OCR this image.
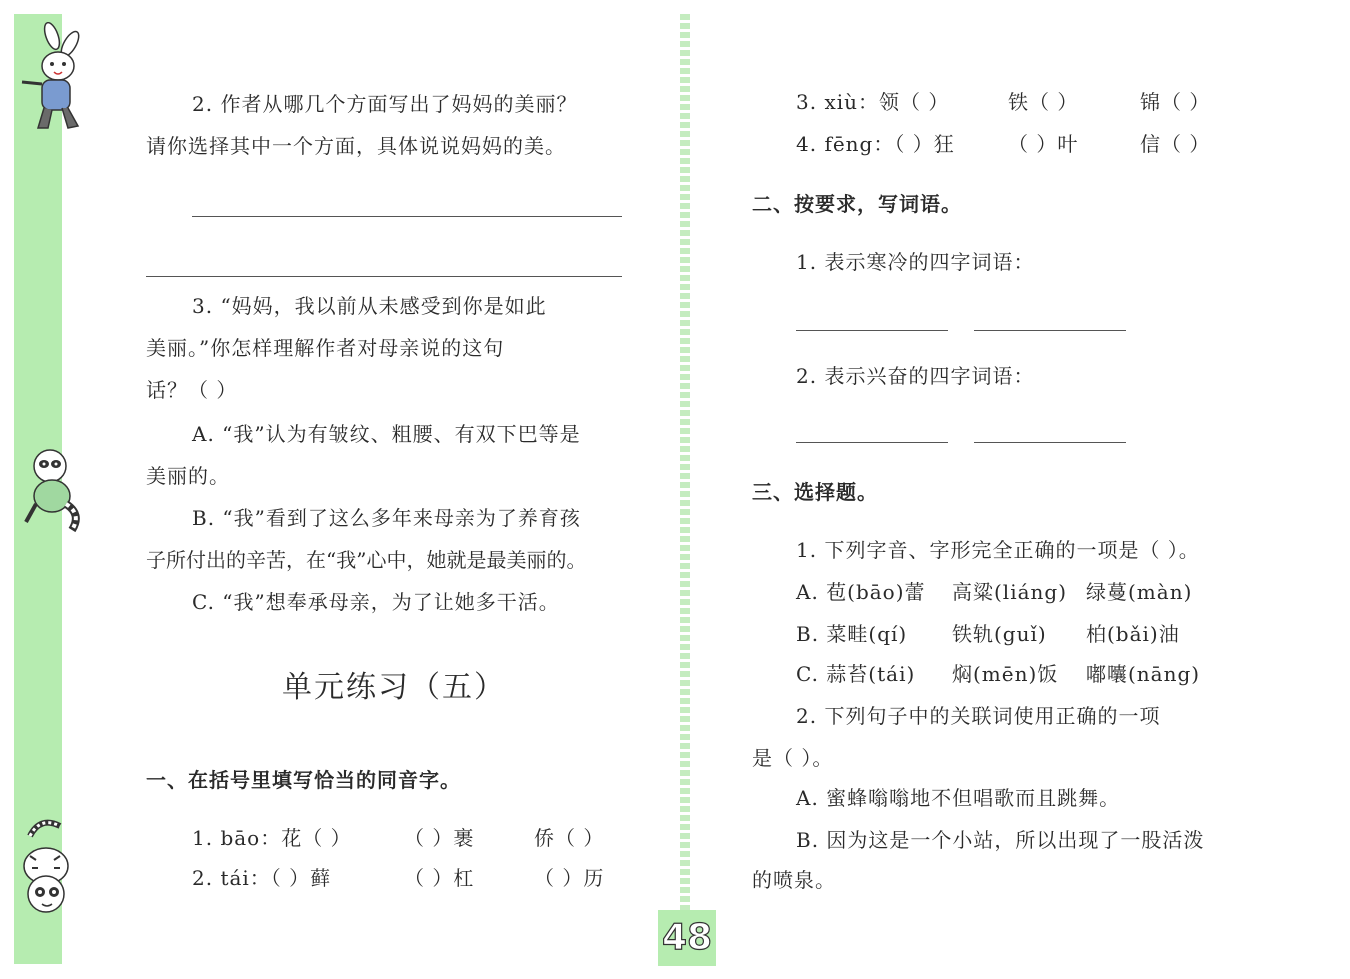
2. 作者从哪几个方面写出了妈妈的美丽？
请你选择其中一个方面，具体说说妈妈的美。
3. “妈妈，我以前从未感受到你是如此
美丽。”你怎样理解作者对母亲说的这句
话？（ ）
A. “我”认为有皱纹、粗腰、有双下巴等是
美丽的。
B. “我”看到了这么多年来母亲为了养育孩
子所付出的辛苦，在“我”心中，她就是最美丽的。
C. “我”想奉承母亲，为了让她多干活。
单元练习（五）
一、在括号里填写恰当的同音字。
1. bāo：花（ ）	（ ）裹	侨（ ）
2. tái：（ ）藓	（ ）杠	（ ）历
3. xiù：领（ ）	铁（ ）	锦（ ）
4. fēng：（ ）狂	（ ）叶	信（ ）
二、按要求，写词语。
1. 表示寒冷的四字词语：
2. 表示兴奋的四字词语：
三、选择题。
1. 下列字音、字形完全正确的一项是（ ）。
A. 苞(bāo)蕾 高粱(liáng) 绿蔓(màn)
B. 菜畦(qí) 铁轨(guǐ) 柏(bǎi)油
C. 蒜苔(tái) 焖(mēn)饭 嘟囔(nāng)
2. 下列句子中的关联词使用正确的一项
是（ ）。
A. 蜜蜂嗡嗡地不但唱歌而且跳舞。
B. 因为这是一个小站，所以出现了一股活泼
的喷泉。
48
